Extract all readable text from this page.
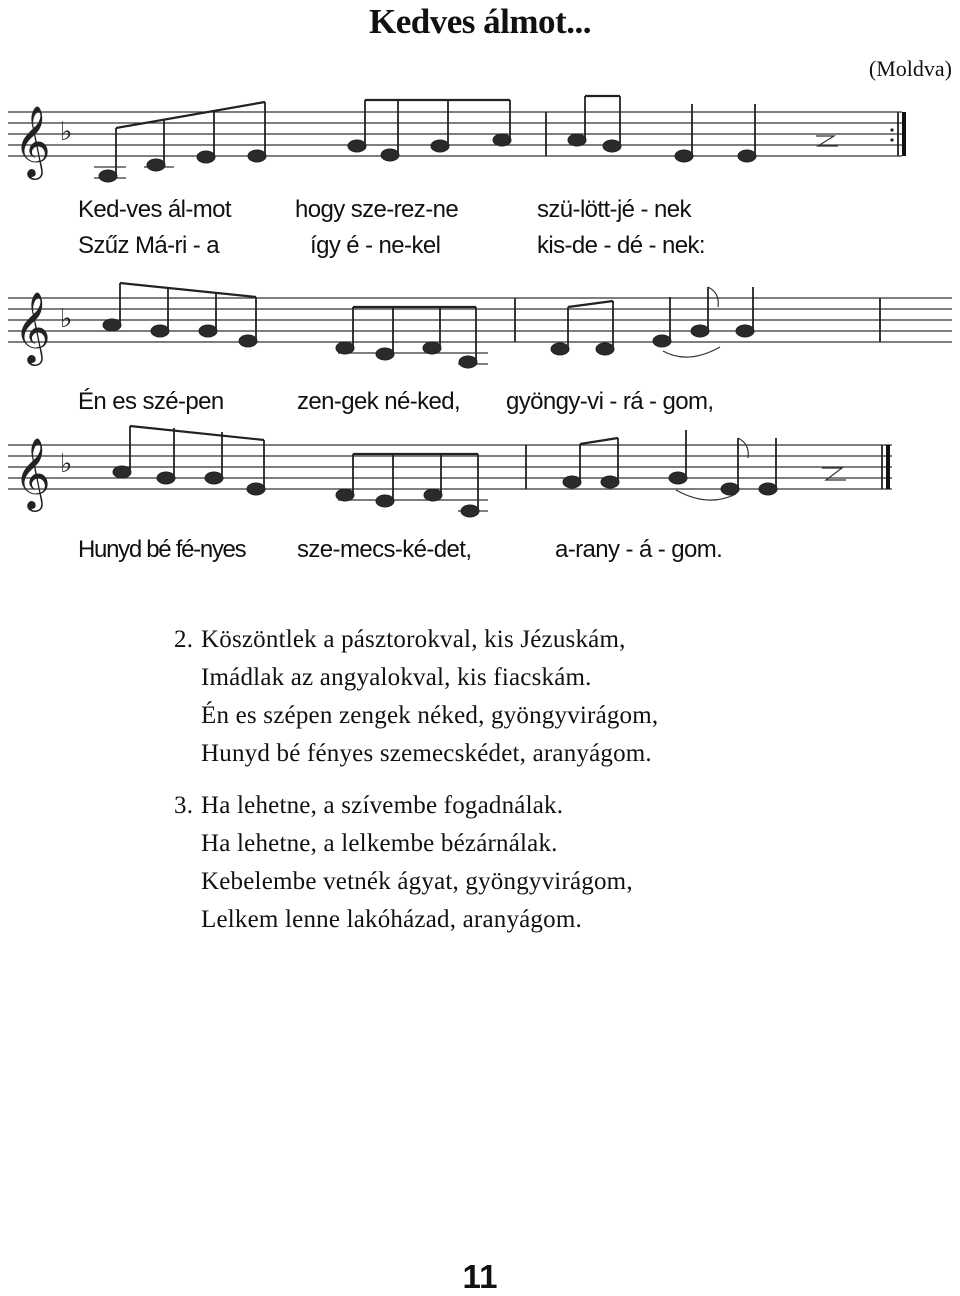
Kedves álmot...
(Moldva)
𝄞 ♭
Ked-ves ál-mot	hogy sze-rez-ne	szü-lött-jé - nek
Szűz Má-ri - a	így é - ne-kel	kis-de - dé - nek:
𝄞 ♭
Én es szé-pen	zen-gek né-ked, gyöngy-vi - rá - gom,
𝄞 ♭
Hunyd bé fé-nyes sze-mecs-ké-det,	a-rany - á - gom.
2. Köszöntlek a pásztorokval, kis Jézuskám,
Imádlak az angyalokval, kis fiacskám.
Én es szépen zengek néked, gyöngyvirágom,
Hunyd bé fényes szemecskédet, aranyágom.
3. Ha lehetne, a szívembe fogadnálak.
Ha lehetne, a lelkembe bézárnálak.
Kebelembe vetnék ágyat, gyöngyvirágom,
Lelkem lenne lakóházad, aranyágom.
11
